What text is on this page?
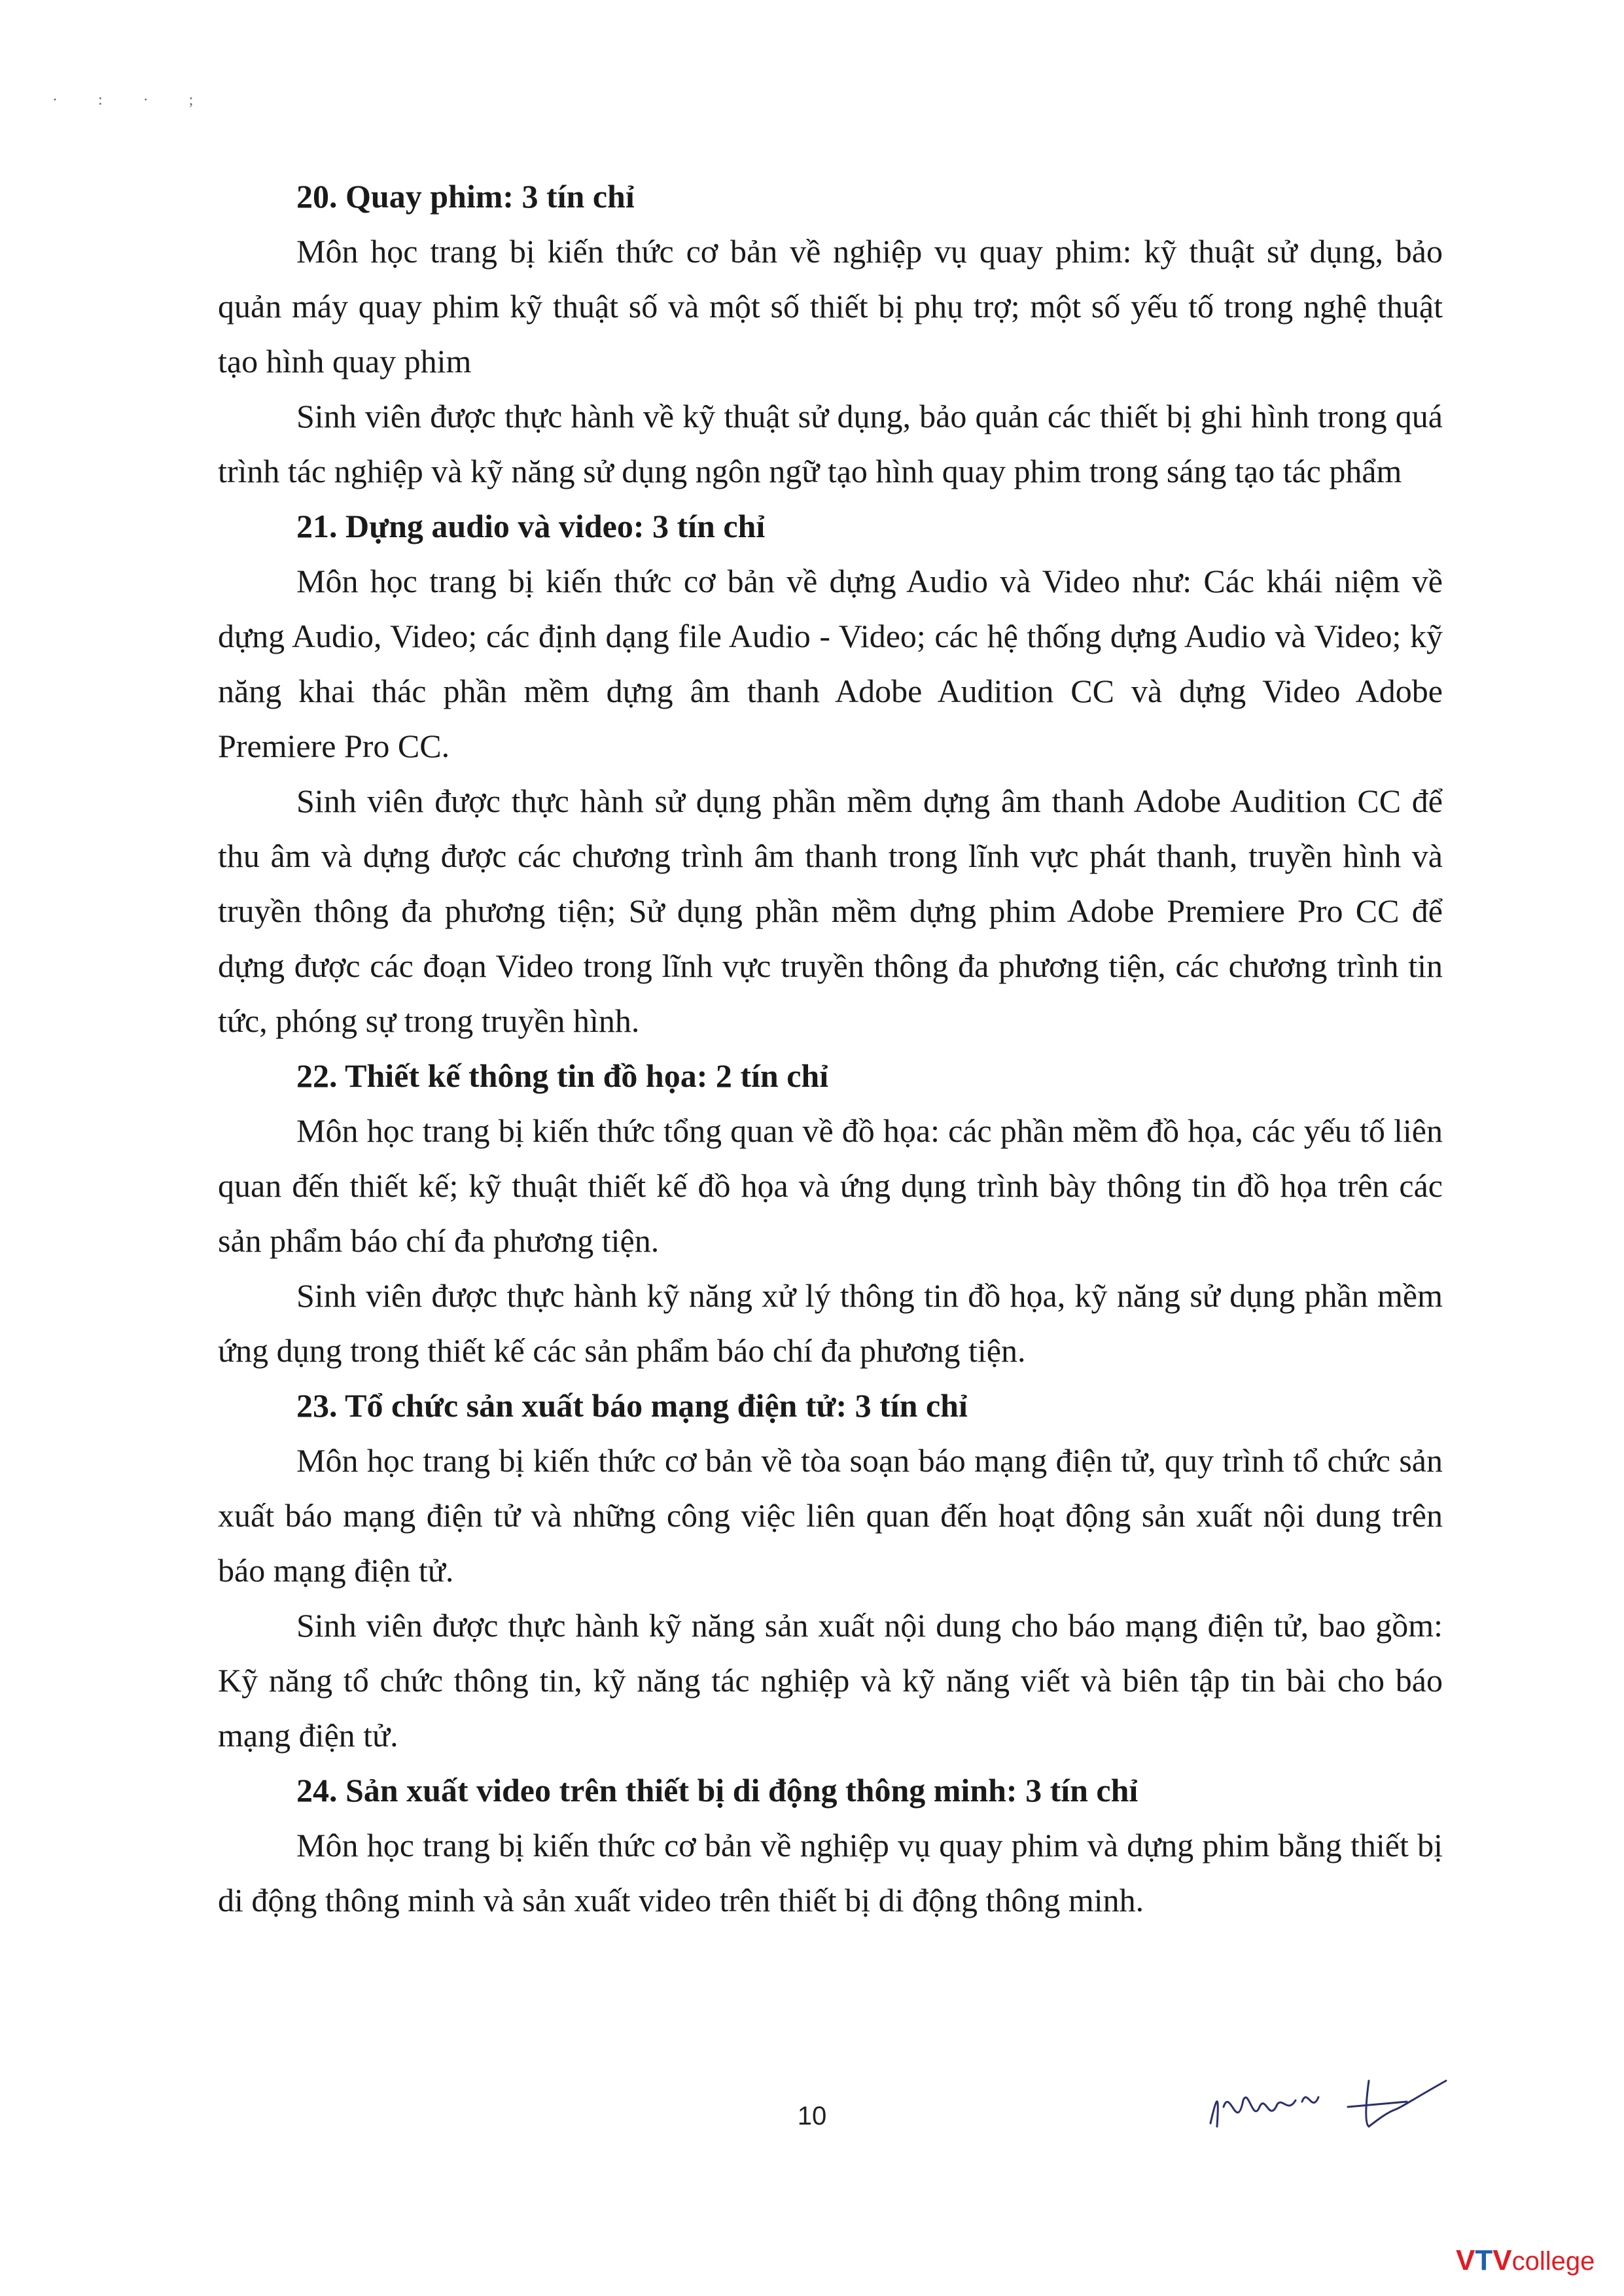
· : · ;

20. Quay phim: 3 tín chỉ

Môn học trang bị kiến thức cơ bản về nghiệp vụ quay phim: kỹ thuật sử dụng, bảo quản máy quay phim kỹ thuật số và một số thiết bị phụ trợ; một số yếu tố trong nghệ thuật tạo hình quay phim

Sinh viên được thực hành về kỹ thuật sử dụng, bảo quản các thiết bị ghi hình trong quá trình tác nghiệp và kỹ năng sử dụng ngôn ngữ tạo hình quay phim trong sáng tạo tác phẩm

21. Dựng audio và video: 3 tín chỉ

Môn học trang bị kiến thức cơ bản về dựng Audio và Video như: Các khái niệm về dựng Audio, Video; các định dạng file Audio - Video; các hệ thống dựng Audio và Video; kỹ năng khai thác phần mềm dựng âm thanh Adobe Audition CC và dựng Video Adobe Premiere Pro CC.

Sinh viên được thực hành sử dụng phần mềm dựng âm thanh Adobe Audition CC để thu âm và dựng được các chương trình âm thanh trong lĩnh vực phát thanh, truyền hình và truyền thông đa phương tiện; Sử dụng phần mềm dựng phim Adobe Premiere Pro CC để dựng được các đoạn Video trong lĩnh vực truyền thông đa phương tiện, các chương trình tin tức, phóng sự trong truyền hình.

22. Thiết kế thông tin đồ họa: 2 tín chỉ

Môn học trang bị kiến thức tổng quan về đồ họa: các phần mềm đồ họa, các yếu tố liên quan đến thiết kế; kỹ thuật thiết kế đồ họa và ứng dụng trình bày thông tin đồ họa trên các sản phẩm báo chí đa phương tiện.

Sinh viên được thực hành kỹ năng xử lý thông tin đồ họa, kỹ năng sử dụng phần mềm ứng dụng trong thiết kế các sản phẩm báo chí đa phương tiện.

23. Tổ chức sản xuất báo mạng điện tử: 3 tín chỉ

Môn học trang bị kiến thức cơ bản về tòa soạn báo mạng điện tử, quy trình tổ chức sản xuất báo mạng điện tử và những công việc liên quan đến hoạt động sản xuất nội dung trên báo mạng điện tử.

Sinh viên được thực hành kỹ năng sản xuất nội dung cho báo mạng điện tử, bao gồm: Kỹ năng tổ chức thông tin, kỹ năng tác nghiệp và kỹ năng viết và biên tập tin bài cho báo mạng điện tử.

24. Sản xuất video trên thiết bị di động thông minh: 3 tín chỉ

Môn học trang bị kiến thức cơ bản về nghiệp vụ quay phim và dựng phim bằng thiết bị di động thông minh và sản xuất video trên thiết bị di động thông minh.

10
VTVcollege
